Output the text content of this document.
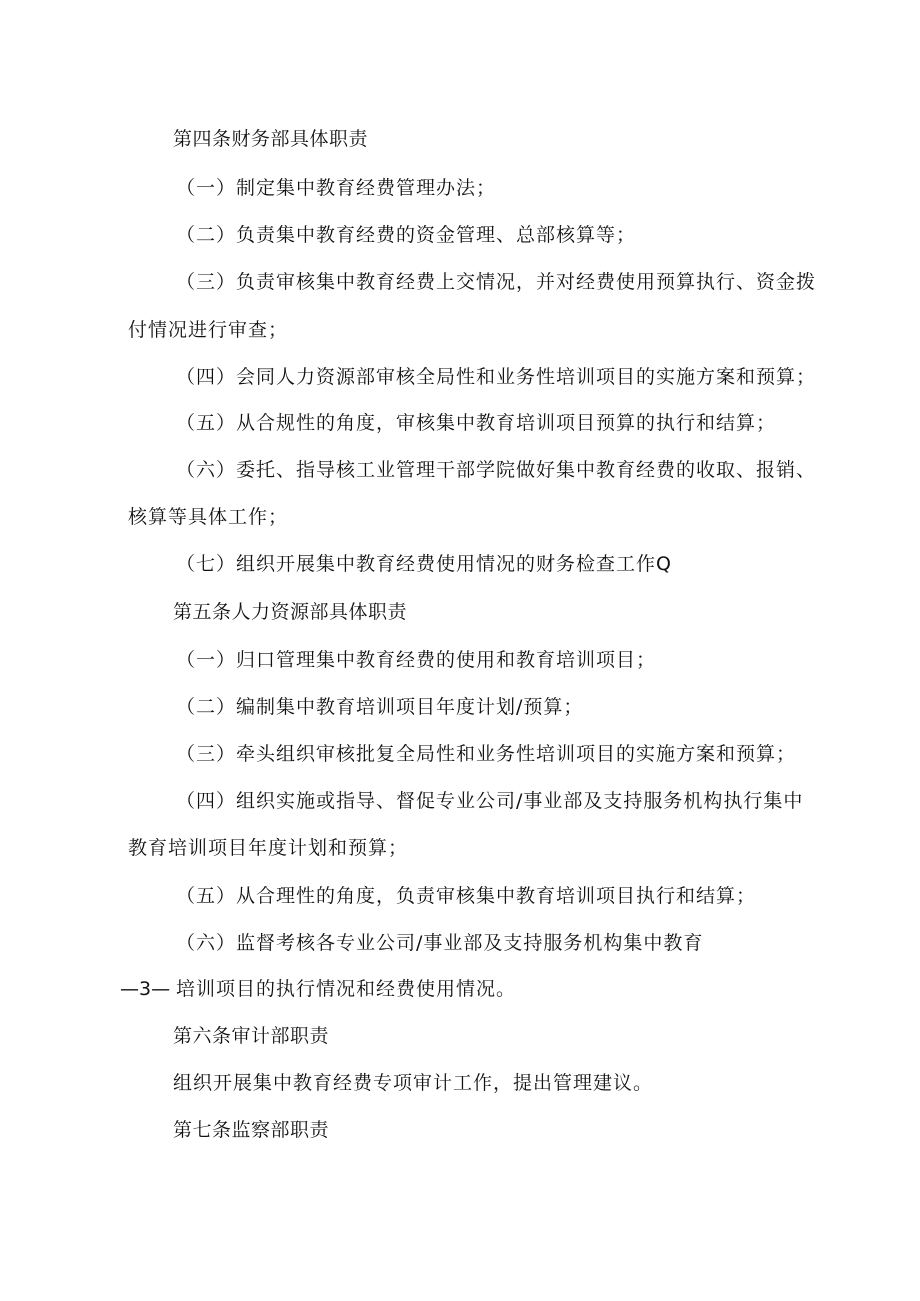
第四条财务部具体职责
（一）制定集中教育经费管理办法；
（二）负责集中教育经费的资金管理、总部核算等；
（三）负责审核集中教育经费上交情况，并对经费使用预算执行、资金拨
付情况进行审查；
（四）会同人力资源部审核全局性和业务性培训项目的实施方案和预算；
（五）从合规性的角度，审核集中教育培训项目预算的执行和结算；
（六）委托、指导核工业管理干部学院做好集中教育经费的收取、报销、
核算等具体工作；
（七）组织开展集中教育经费使用情况的财务检查工作Q
第五条人力资源部具体职责
（一）归口管理集中教育经费的使用和教育培训项目；
（二）编制集中教育培训项目年度计划/预算；
（三）牵头组织审核批复全局性和业务性培训项目的实施方案和预算；
（四）组织实施或指导、督促专业公司/事业部及支持服务机构执行集中
教育培训项目年度计划和预算；
（五）从合理性的角度，负责审核集中教育培训项目执行和结算；
（六）监督考核各专业公司/事业部及支持服务机构集中教育
—3— 培训项目的执行情况和经费使用情况。
第六条审计部职责
组织开展集中教育经费专项审计工作，提出管理建议。
第七条监察部职责
